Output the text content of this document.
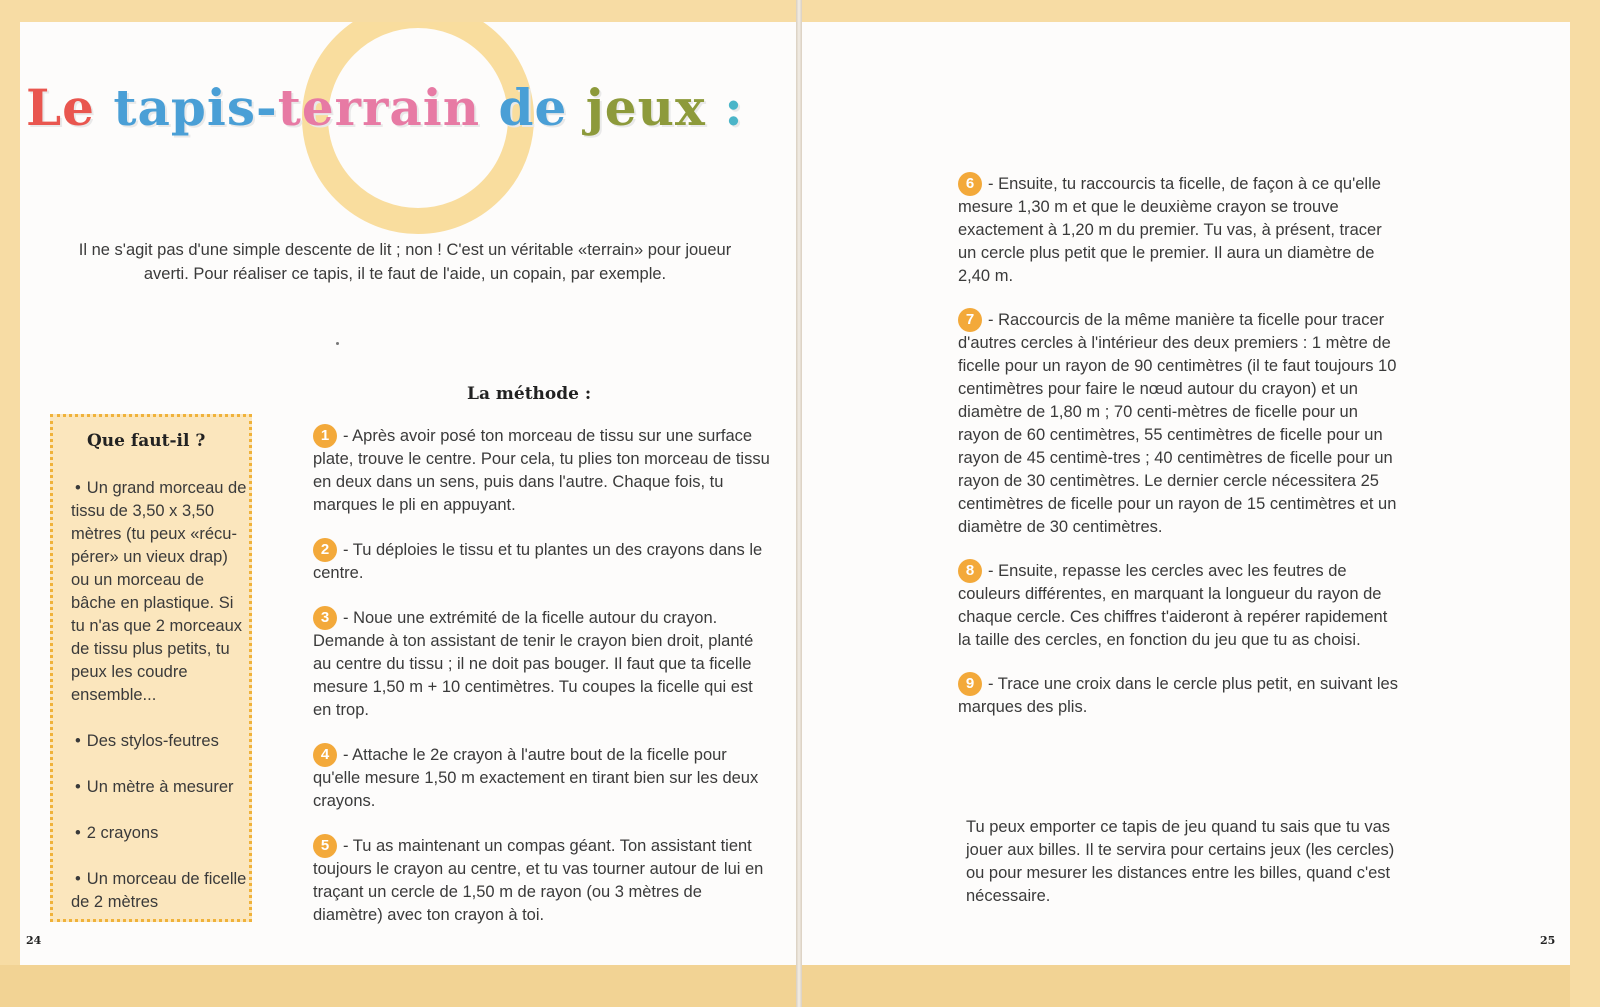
Le tapis-terrain de jeux :

Il ne s'agit pas d'une simple descente de lit ; non ! C'est un véritable «terrain» pour joueur averti. Pour réaliser ce tapis, il te faut de l'aide, un copain, par exemple.

Que faut-il ?
• Un grand morceau de tissu de 3,50 x 3,50 mètres (tu peux «récu-pérer» un vieux drap) ou un morceau de bâche en plastique. Si tu n'as que 2 morceaux de tissu plus petits, tu peux les coudre ensemble...
• Des stylos-feutres
• Un mètre à mesurer
• 2 crayons
• Un morceau de ficelle de 2 mètres
La méthode :

1 - Après avoir posé ton morceau de tissu sur une surface plate, trouve le centre. Pour cela, tu plies ton morceau de tissu en deux dans un sens, puis dans l'autre. Chaque fois, tu marques le pli en appuyant.

2 - Tu déploies le tissu et tu plantes un des crayons dans le centre.

3 - Noue une extrémité de la ficelle autour du crayon. Demande à ton assistant de tenir le crayon bien droit, planté au centre du tissu ; il ne doit pas bouger. Il faut que ta ficelle mesure 1,50 m + 10 centimètres. Tu coupes la ficelle qui est en trop.

4 - Attache le 2e crayon à l'autre bout de la ficelle pour qu'elle mesure 1,50 m exactement en tirant bien sur les deux crayons.

5 - Tu as maintenant un compas géant. Ton assistant tient toujours le crayon au centre, et tu vas tourner autour de lui en traçant un cercle de 1,50 m de rayon (ou 3 mètres de diamètre) avec ton crayon à toi.

24

6 - Ensuite, tu raccourcis ta ficelle, de façon à ce qu'elle mesure 1,30 m et que le deuxième crayon se trouve exactement à 1,20 m du premier. Tu vas, à présent, tracer un cercle plus petit que le premier. Il aura un diamètre de 2,40 m.

7 - Raccourcis de la même manière ta ficelle pour tracer d'autres cercles à l'intérieur des deux premiers : 1 mètre de ficelle pour un rayon de 90 centimètres (il te faut toujours 10 centimètres pour faire le nœud autour du crayon) et un diamètre de 1,80 m ; 70 centi-mètres de ficelle pour un rayon de 60 centimètres, 55 centimètres de ficelle pour un rayon de 45 centimè-tres ; 40 centimètres de ficelle pour un rayon de 30 centimètres. Le dernier cercle nécessitera 25 centimètres de ficelle pour un rayon de 15 centimètres et un diamètre de 30 centimètres.

8 - Ensuite, repasse les cercles avec les feutres de couleurs différentes, en marquant la longueur du rayon de chaque cercle. Ces chiffres t'aideront à repérer rapidement la taille des cercles, en fonction du jeu que tu as choisi.

9 - Trace une croix dans le cercle plus petit, en suivant les marques des plis.

Tu peux emporter ce tapis de jeu quand tu sais que tu vas jouer aux billes. Il te servira pour certains jeux (les cercles) ou pour mesurer les distances entre les billes, quand c'est nécessaire.

25
